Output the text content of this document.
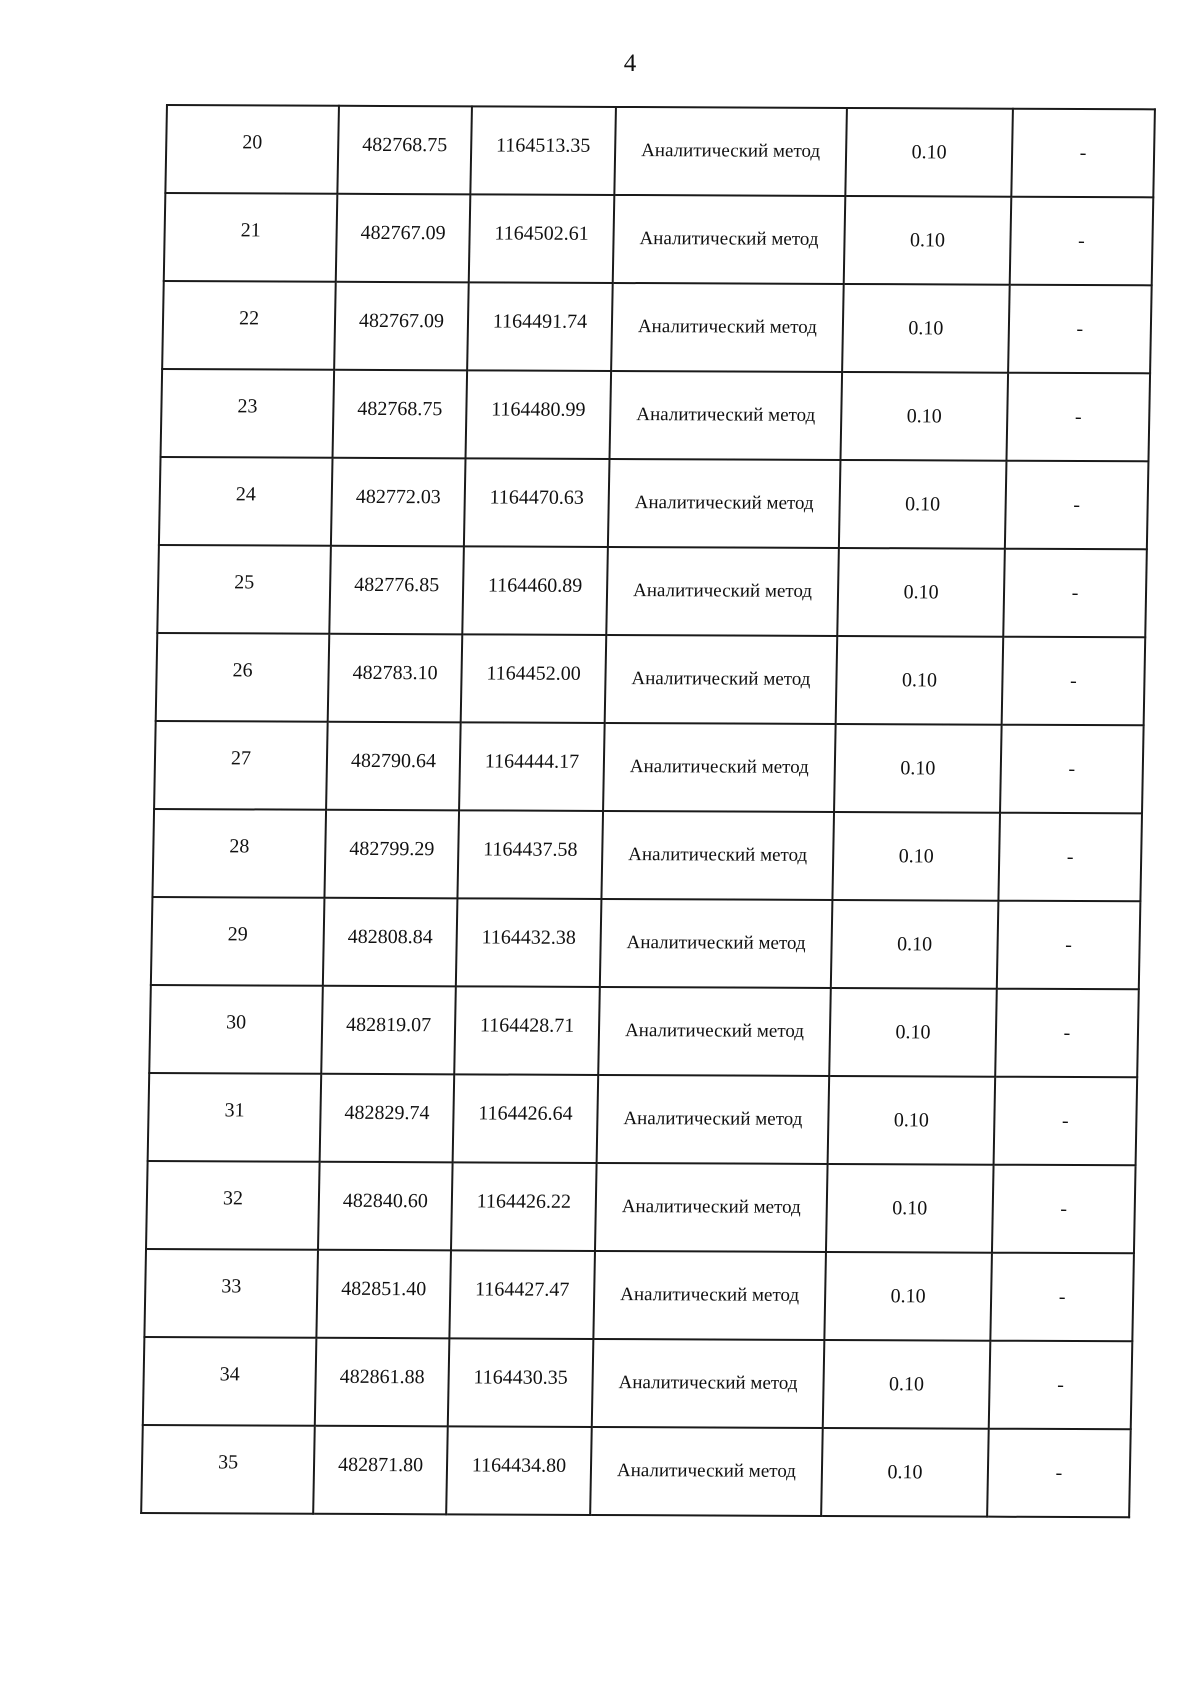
4
20	482768.75	1164513.35	Аналитический метод	0.10	-
21	482767.09	1164502.61	Аналитический метод	0.10	-
22	482767.09	1164491.74	Аналитический метод	0.10	-
23	482768.75	1164480.99	Аналитический метод	0.10	-
24	482772.03	1164470.63	Аналитический метод	0.10	-
25	482776.85	1164460.89	Аналитический метод	0.10	-
26	482783.10	1164452.00	Аналитический метод	0.10	-
27	482790.64	1164444.17	Аналитический метод	0.10	-
28	482799.29	1164437.58	Аналитический метод	0.10	-
29	482808.84	1164432.38	Аналитический метод	0.10	-
30	482819.07	1164428.71	Аналитический метод	0.10	-
31	482829.74	1164426.64	Аналитический метод	0.10	-
32	482840.60	1164426.22	Аналитический метод	0.10	-
33	482851.40	1164427.47	Аналитический метод	0.10	-
34	482861.88	1164430.35	Аналитический метод	0.10	-
35	482871.80	1164434.80	Аналитический метод	0.10	-
